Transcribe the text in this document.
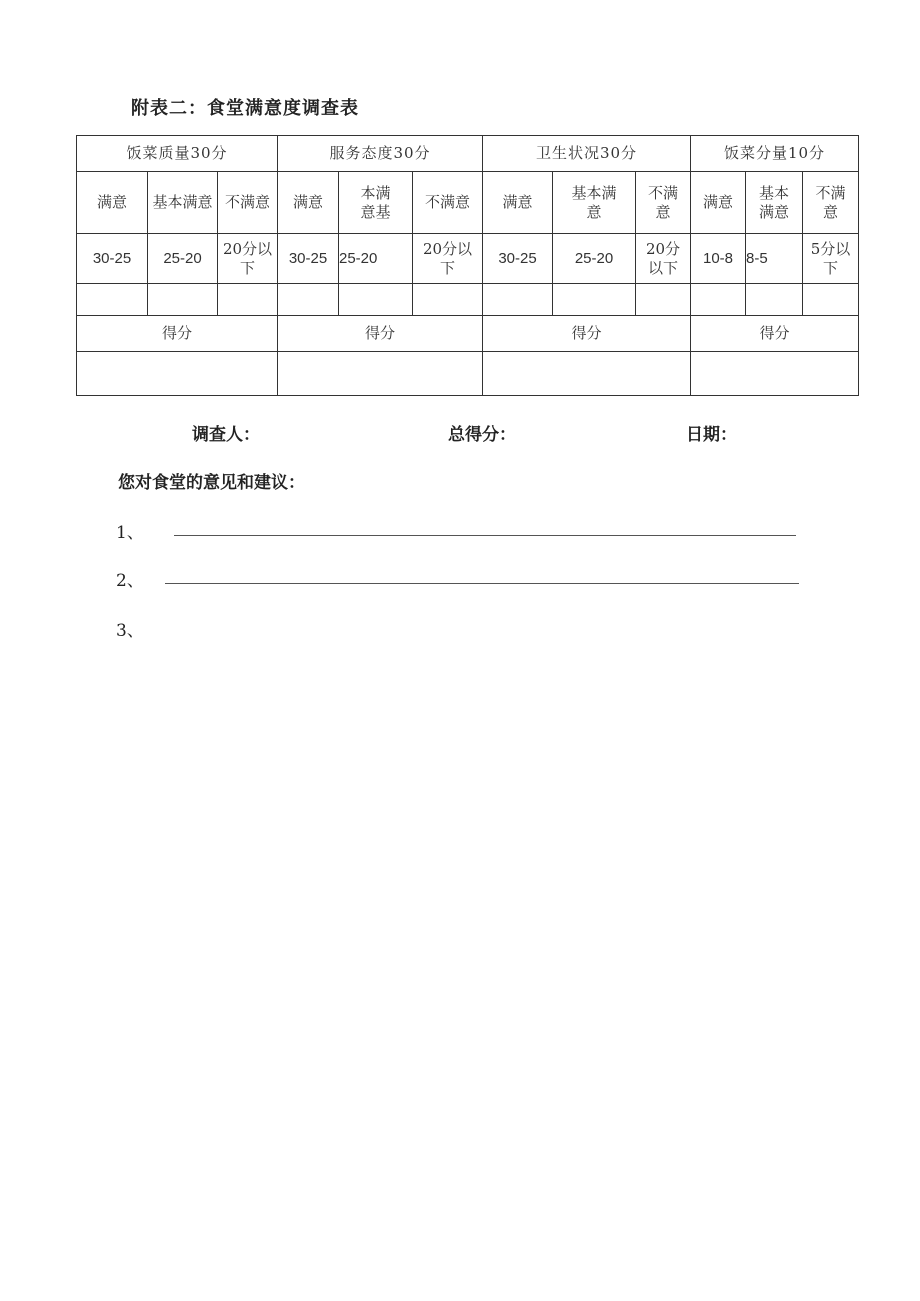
附表二：食堂满意度调查表
饭菜质量30分			服务态度30分			卫生状况30分			饭菜分量10分		
满意	基本满意	不满意	满意	本满意基	不满意	满意	基本满意	不满意	满意	基本满意	不满意
30-25	25-20	20分以下	30-25	25-20	20分以下	30-25	25-20	20分以下	10-8	8-5	5分以下

得分			得分			得分			得分		

调查人：	总得分：	日期：
您对食堂的意见和建议：
1、
2、
3、
